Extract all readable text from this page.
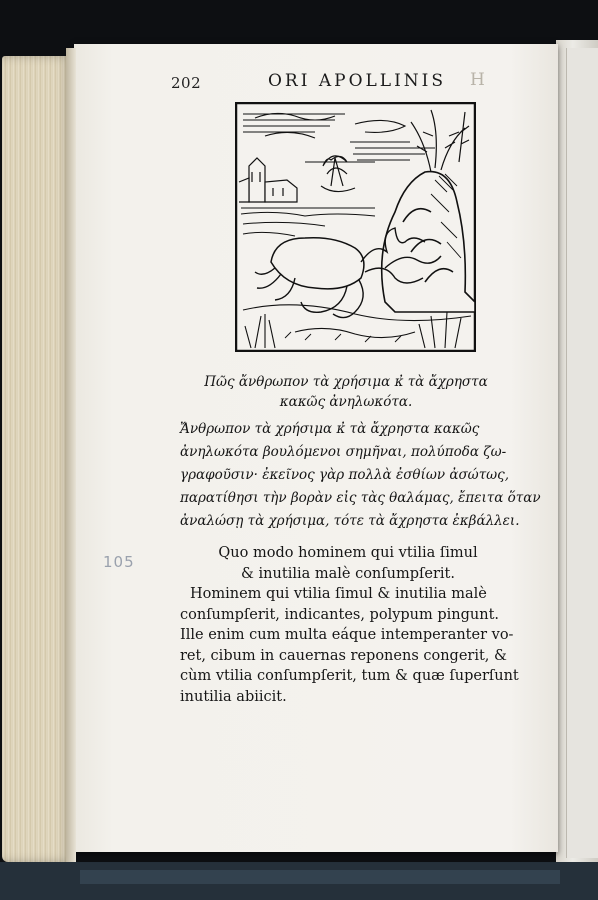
202	ORI APOLLINIS H
Πῶς ἄνθρωπον τὰ χρήσιμα κ̓ τὰ ἄχρηστα
κακῶς ἀνηλωκότα.
Ἄνθρωπον τὰ χρήσιμα κ̓ τὰ ἄχρηστα κακῶς
ἀνηλωκότα βουλόμενοι σημῆναι, πολύποδα ζω-
γραφοῦσιν· ἐκεῖνος γὰρ πολλὰ ἐσθίων ἀσώτως,
παρατίθησι τὴν βορὰν εἰς τὰς θαλάμας, ἔπειτα ὅταν
ἀναλώσῃ τὰ χρήσιμα, τότε τὰ ἄχρηστα ἐκβάλλει.
105	Quo modo hominem qui vtilia ſimul
& inutilia malè conſumpſerit.
Hominem qui vtilia ſimul & inutilia malè
conſumpſerit, indicantes, polypum pingunt.
Ille enim cum multa eáque intemperanter vo-
ret, cibum in cauernas reponens congerit, &
cùm vtilia conſumpſerit, tum & quæ ſuperſunt
inutilia abiicit.
